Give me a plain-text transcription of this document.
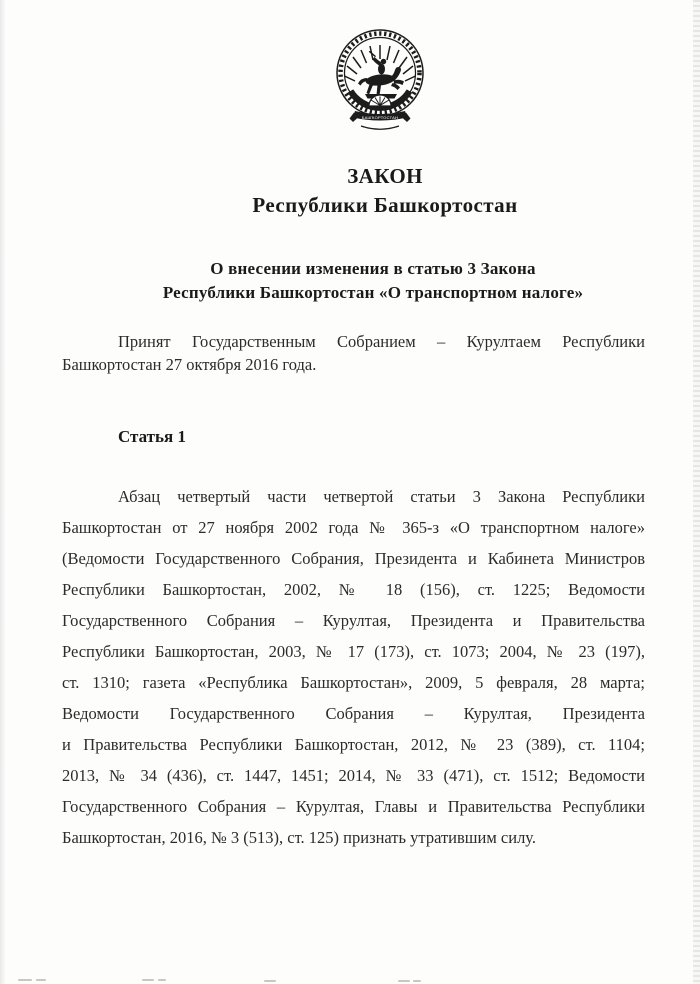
БАШҠОРТОСТАН
ЗАКОН
Республики Башкортостан
О внесении изменения в статью 3 Закона
Республики Башкортостан «О транспортном налоге»
Принят Государственным Собранием – Курултаем Республики
Башкортостан 27 октября 2016 года.
Статья 1
Абзац четвертый части четвертой статьи 3 Закона Республики
Башкортостан от 27 ноября 2002 года № 365-з «О транспортном налоге»
(Ведомости Государственного Собрания, Президента и Кабинета Министров
Республики Башкортостан, 2002, № 18 (156), ст. 1225; Ведомости
Государственного Собрания – Курултая, Президента и Правительства
Республики Башкортостан, 2003, № 17 (173), ст. 1073; 2004, № 23 (197),
ст. 1310; газета «Республика Башкортостан», 2009, 5 февраля, 28 марта;
Ведомости Государственного Собрания – Курултая, Президента
и Правительства Республики Башкортостан, 2012, № 23 (389), ст. 1104;
2013, № 34 (436), ст. 1447, 1451; 2014, № 33 (471), ст. 1512; Ведомости
Государственного Собрания – Курултая, Главы и Правительства Республики
Башкортостан, 2016, № 3 (513), ст. 125) признать утратившим силу.
